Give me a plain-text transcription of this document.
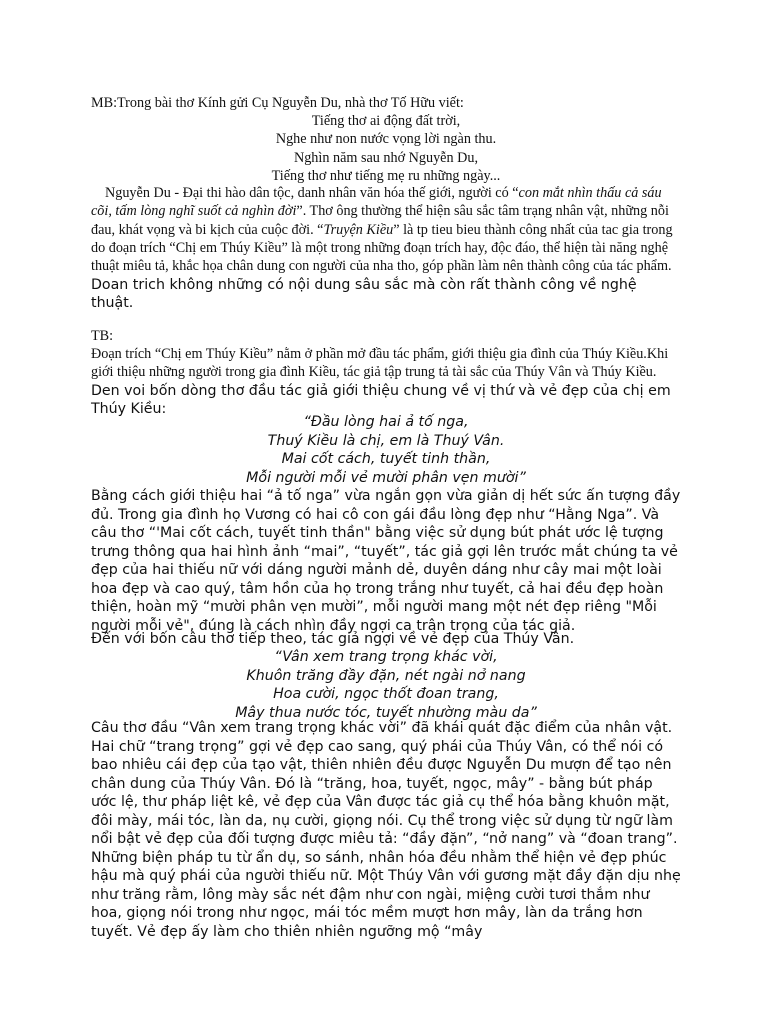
MB:Trong bài thơ Kính gửi Cụ Nguyễn Du, nhà thơ Tố Hữu viết:

Tiếng thơ ai động đất trời,

Nghe như non nước vọng lời ngàn thu.

Nghìn năm sau nhớ Nguyễn Du,

Tiếng thơ như tiếng mẹ ru những ngày...

Nguyễn Du - Đại thi hào dân tộc, danh nhân văn hóa thế giới, người có “con mắt nhìn thấu cả sáu cõi, tấm lòng nghĩ suốt cả nghìn đời”. Thơ ông thường thể hiện sâu sắc tâm trạng nhân vật, những nỗi đau, khát vọng và bi kịch của cuộc đời. “Truyện Kiều” là tp tieu bieu thành công nhất của tac gia trong do đoạn trích “Chị em Thúy Kiều” là một trong những đoạn trích hay, độc đáo, thể hiện tài năng nghệ thuật miêu tả, khắc họa chân dung con người của nha tho, góp phần làm nên thành công của tác phẩm. Doan trich không những có nội dung sâu sắc mà còn rất thành công về nghệ thuật.
TB:
Đoạn trích “Chị em Thúy Kiều” nằm ở phần mở đầu tác phẩm, giới thiệu gia đình của Thúy Kiều.Khi giới thiệu những người trong gia đình Kiều, tác giả tập trung tả tài sắc của Thúy Vân và Thúy Kiều. Den voi bốn dòng thơ đầu tác giả giới thiệu chung về vị thứ và vẻ đẹp của chị em Thúy Kiều:

“Đầu lòng hai ả tố nga,

Thuý Kiều là chị, em là Thuý Vân.

Mai cốt cách, tuyết tinh thần,

Mỗi người mỗi vẻ mười phân vẹn mười”

Bằng cách giới thiệu hai “ả tố nga” vừa ngắn gọn vừa giản dị hết sức ấn tượng đầy đủ. Trong gia đình họ Vương có hai cô con gái đầu lòng đẹp như “Hằng Nga”. Và câu thơ “'Mai cốt cách, tuyết tinh thần" bằng việc sử dụng bút phát ước lệ tượng trưng thông qua hai hình ảnh “mai”, “tuyết”, tác giả gợi lên trước mắt chúng ta vẻ đẹp của hai thiếu nữ với dáng người mảnh dẻ, duyên dáng như cây mai một loài hoa đẹp và cao quý, tâm hồn của họ trong trắng như tuyết, cả hai đều đẹp hoàn thiện, hoàn mỹ “mười phân vẹn mười”, mỗi người mang một nét đẹp riêng "Mỗi người mỗi vẻ", đúng là cách nhìn đầy ngợi ca trân trọng của tác giả.
Đến với bốn câu thơ tiếp theo, tác giả ngợi về vẻ đẹp của Thúy Vân.

“Vân xem trang trọng khác vời,

Khuôn trăng đầy đặn, nét ngài nở nang

Hoa cười, ngọc thốt đoan trang,

Mây thua nước tóc, tuyết nhường màu da”

Câu thơ đầu “Vân xem trang trọng khác vời” đã khái quát đặc điểm của nhân vật. Hai chữ “trang trọng” gợi vẻ đẹp cao sang, quý phái của Thúy Vân, có thể nói có bao nhiêu cái đẹp của tạo vật, thiên nhiên đều được Nguyễn Du mượn để tạo nên chân dung của Thúy Vân. Đó là “trăng, hoa, tuyết, ngọc, mây” - bằng bút pháp ước lệ, thư pháp liệt kê, vẻ đẹp của Vân được tác giả cụ thể hóa bằng khuôn mặt, đôi mày, mái tóc, làn da, nụ cười, giọng nói. Cụ thể trong việc sử dụng từ ngữ làm nổi bật vẻ đẹp của đối tượng được miêu tả: “đầy đặn”, “nở nang” và “đoan trang”. Những biện pháp tu từ ẩn dụ, so sánh, nhân hóa đều nhằm thể hiện vẻ đẹp phúc hậu mà quý phái của người thiếu nữ. Một Thúy Vân với gương mặt đầy đặn dịu nhẹ như trăng rằm, lông mày sắc nét đậm như con ngài, miệng cười tươi thắm như hoa, giọng nói trong như ngọc, mái tóc mềm mượt hơn mây, làn da trắng hơn tuyết. Vẻ đẹp ấy làm cho thiên nhiên ngưỡng mộ “mây
